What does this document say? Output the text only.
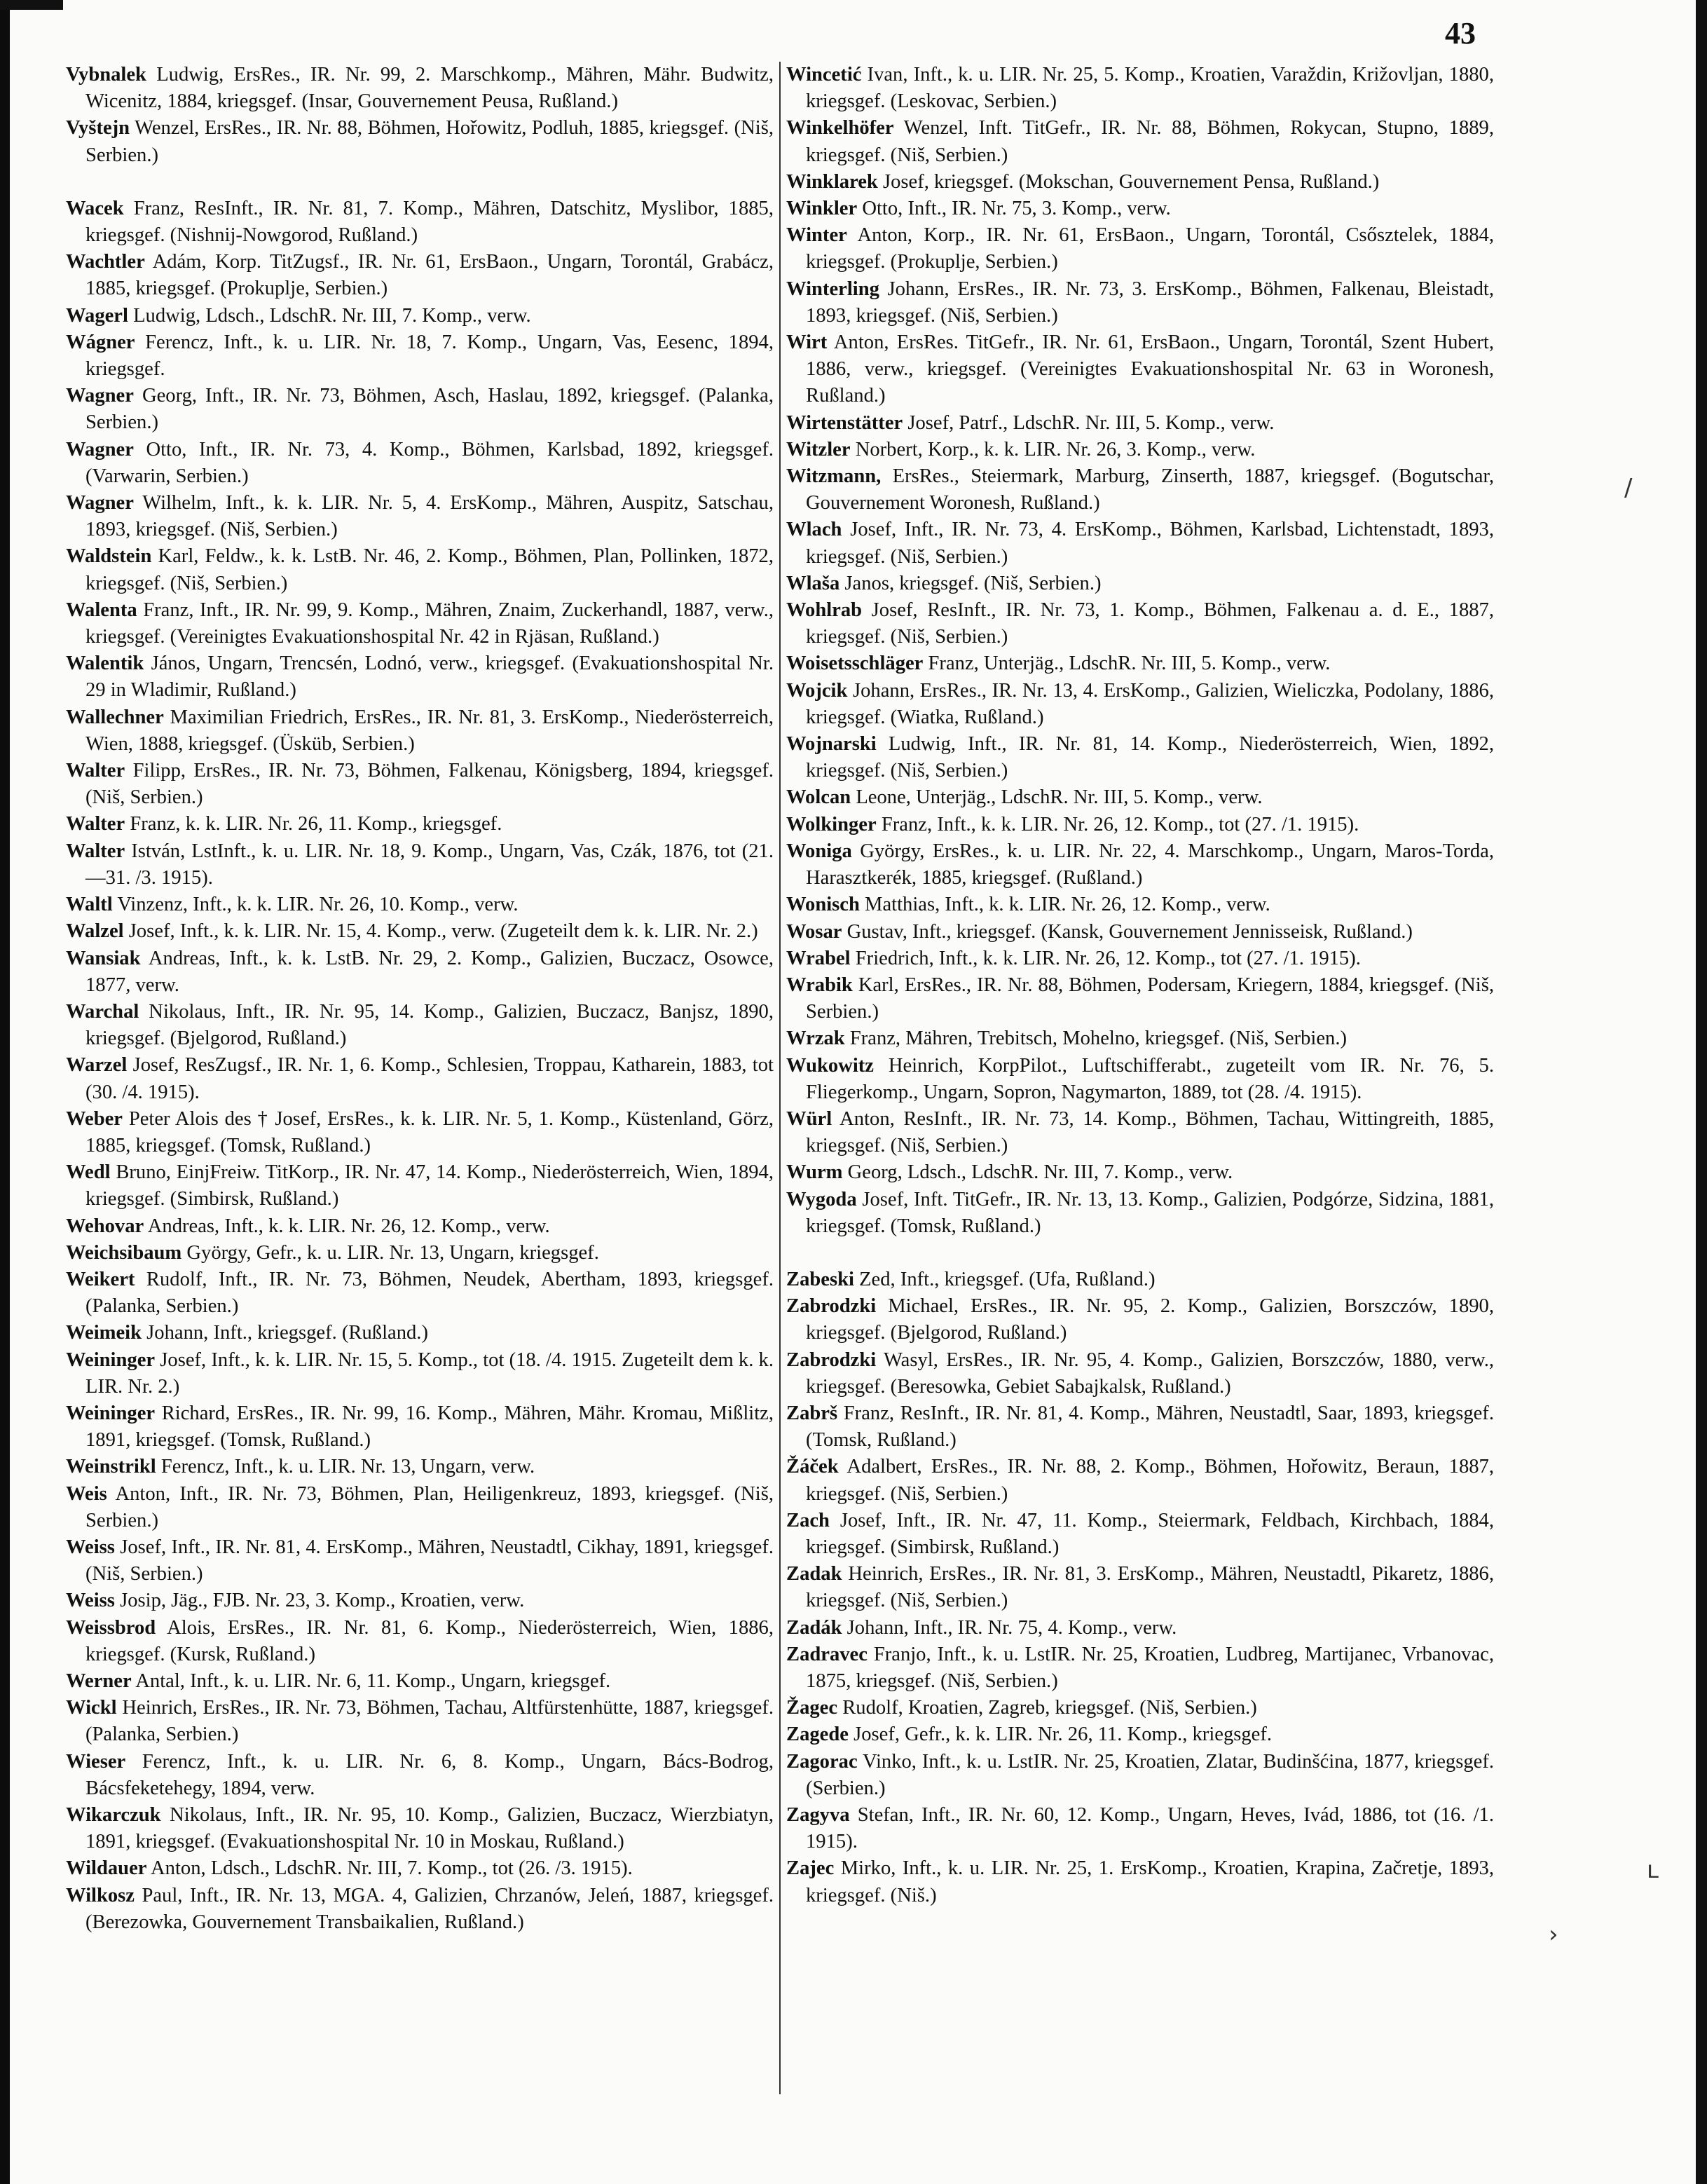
43

Vybnalek Ludwig, ErsRes., IR. Nr. 99, 2. Marschkomp., Mähren, Mähr. Budwitz, Wicenitz, 1884, kriegsgef. (Insar, Gouvernement Peusa, Rußland.)

Vyštejn Wenzel, ErsRes., IR. Nr. 88, Böhmen, Hořowitz, Podluh, 1885, kriegsgef. (Niš, Serbien.)

Wacek Franz, ResInft., IR. Nr. 81, 7. Komp., Mähren, Datschitz, Myslibor, 1885, kriegsgef. (Nishnij-Nowgorod, Rußland.)

Wachtler Adám, Korp. TitZugsf., IR. Nr. 61, ErsBaon., Ungarn, Torontál, Grabácz, 1885, kriegsgef. (Prokuplje, Serbien.)

Wagerl Ludwig, Ldsch., LdschR. Nr. III, 7. Komp., verw.

Wágner Ferencz, Inft., k. u. LIR. Nr. 18, 7. Komp., Ungarn, Vas, Eesenc, 1894, kriegsgef.

Wagner Georg, Inft., IR. Nr. 73, Böhmen, Asch, Haslau, 1892, kriegsgef. (Palanka, Serbien.)

Wagner Otto, Inft., IR. Nr. 73, 4. Komp., Böhmen, Karlsbad, 1892, kriegsgef. (Varwarin, Serbien.)

Wagner Wilhelm, Inft., k. k. LIR. Nr. 5, 4. ErsKomp., Mähren, Auspitz, Satschau, 1893, kriegsgef. (Niš, Serbien.)

Waldstein Karl, Feldw., k. k. LstB. Nr. 46, 2. Komp., Böhmen, Plan, Pollinken, 1872, kriegsgef. (Niš, Serbien.)

Walenta Franz, Inft., IR. Nr. 99, 9. Komp., Mähren, Znaim, Zuckerhandl, 1887, verw., kriegsgef. (Vereinigtes Evakuationshospital Nr. 42 in Rjäsan, Rußland.)

Walentik János, Ungarn, Trencsén, Lodnó, verw., kriegsgef. (Evakuationshospital Nr. 29 in Wladimir, Rußland.)

Wallechner Maximilian Friedrich, ErsRes., IR. Nr. 81, 3. ErsKomp., Niederösterreich, Wien, 1888, kriegsgef. (Üsküb, Serbien.)

Walter Filipp, ErsRes., IR. Nr. 73, Böhmen, Falkenau, Königsberg, 1894, kriegsgef. (Niš, Serbien.)

Walter Franz, k. k. LIR. Nr. 26, 11. Komp., kriegsgef.

Walter István, LstInft., k. u. LIR. Nr. 18, 9. Komp., Ungarn, Vas, Czák, 1876, tot (21.—31. /3. 1915).

Waltl Vinzenz, Inft., k. k. LIR. Nr. 26, 10. Komp., verw.

Walzel Josef, Inft., k. k. LIR. Nr. 15, 4. Komp., verw. (Zugeteilt dem k. k. LIR. Nr. 2.)

Wansiak Andreas, Inft., k. k. LstB. Nr. 29, 2. Komp., Galizien, Buczacz, Osowce, 1877, verw.

Warchal Nikolaus, Inft., IR. Nr. 95, 14. Komp., Galizien, Buczacz, Banjsz, 1890, kriegsgef. (Bjelgorod, Rußland.)

Warzel Josef, ResZugsf., IR. Nr. 1, 6. Komp., Schlesien, Troppau, Katharein, 1883, tot (30. /4. 1915).

Weber Peter Alois des † Josef, ErsRes., k. k. LIR. Nr. 5, 1. Komp., Küstenland, Görz, 1885, kriegsgef. (Tomsk, Rußland.)

Wedl Bruno, EinjFreiw. TitKorp., IR. Nr. 47, 14. Komp., Niederösterreich, Wien, 1894, kriegsgef. (Simbirsk, Rußland.)

Wehovar Andreas, Inft., k. k. LIR. Nr. 26, 12. Komp., verw.

Weichsibaum György, Gefr., k. u. LIR. Nr. 13, Ungarn, kriegsgef.

Weikert Rudolf, Inft., IR. Nr. 73, Böhmen, Neudek, Abertham, 1893, kriegsgef. (Palanka, Serbien.)

Weimeik Johann, Inft., kriegsgef. (Rußland.)

Weininger Josef, Inft., k. k. LIR. Nr. 15, 5. Komp., tot (18. /4. 1915. Zugeteilt dem k. k. LIR. Nr. 2.)

Weininger Richard, ErsRes., IR. Nr. 99, 16. Komp., Mähren, Mähr. Kromau, Mißlitz, 1891, kriegsgef. (Tomsk, Rußland.)

Weinstrikl Ferencz, Inft., k. u. LIR. Nr. 13, Ungarn, verw.

Weis Anton, Inft., IR. Nr. 73, Böhmen, Plan, Heiligenkreuz, 1893, kriegsgef. (Niš, Serbien.)

Weiss Josef, Inft., IR. Nr. 81, 4. ErsKomp., Mähren, Neustadtl, Cikhay, 1891, kriegsgef. (Niš, Serbien.)

Weiss Josip, Jäg., FJB. Nr. 23, 3. Komp., Kroatien, verw.

Weissbrod Alois, ErsRes., IR. Nr. 81, 6. Komp., Niederösterreich, Wien, 1886, kriegsgef. (Kursk, Rußland.)

Werner Antal, Inft., k. u. LIR. Nr. 6, 11. Komp., Ungarn, kriegsgef.

Wickl Heinrich, ErsRes., IR. Nr. 73, Böhmen, Tachau, Altfürstenhütte, 1887, kriegsgef. (Palanka, Serbien.)

Wieser Ferencz, Inft., k. u. LIR. Nr. 6, 8. Komp., Ungarn, Bács-Bodrog, Bácsfeketehegy, 1894, verw.

Wikarczuk Nikolaus, Inft., IR. Nr. 95, 10. Komp., Galizien, Buczacz, Wierzbiatyn, 1891, kriegsgef. (Evakuationshospital Nr. 10 in Moskau, Rußland.)

Wildauer Anton, Ldsch., LdschR. Nr. III, 7. Komp., tot (26. /3. 1915).

Wilkosz Paul, Inft., IR. Nr. 13, MGA. 4, Galizien, Chrzanów, Jeleń, 1887, kriegsgef. (Berezowka, Gouvernement Transbaikalien, Rußland.)

Wincetić Ivan, Inft., k. u. LIR. Nr. 25, 5. Komp., Kroatien, Varaždin, Križovljan, 1880, kriegsgef. (Leskovac, Serbien.)

Winkelhöfer Wenzel, Inft. TitGefr., IR. Nr. 88, Böhmen, Rokycan, Stupno, 1889, kriegsgef. (Niš, Serbien.)

Winklarek Josef, kriegsgef. (Mokschan, Gouvernement Pensa, Rußland.)

Winkler Otto, Inft., IR. Nr. 75, 3. Komp., verw.

Winter Anton, Korp., IR. Nr. 61, ErsBaon., Ungarn, Torontál, Csősztelek, 1884, kriegsgef. (Prokuplje, Serbien.)

Winterling Johann, ErsRes., IR. Nr. 73, 3. ErsKomp., Böhmen, Falkenau, Bleistadt, 1893, kriegsgef. (Niš, Serbien.)

Wirt Anton, ErsRes. TitGefr., IR. Nr. 61, ErsBaon., Ungarn, Torontál, Szent Hubert, 1886, verw., kriegsgef. (Vereinigtes Evakuationshospital Nr. 63 in Woronesh, Rußland.)

Wirtenstätter Josef, Patrf., LdschR. Nr. III, 5. Komp., verw.

Witzler Norbert, Korp., k. k. LIR. Nr. 26, 3. Komp., verw.

Witzmann, ErsRes., Steiermark, Marburg, Zinserth, 1887, kriegsgef. (Bogutschar, Gouvernement Woronesh, Rußland.)

Wlach Josef, Inft., IR. Nr. 73, 4. ErsKomp., Böhmen, Karlsbad, Lichtenstadt, 1893, kriegsgef. (Niš, Serbien.)

Wlaša Janos, kriegsgef. (Niš, Serbien.)

Wohlrab Josef, ResInft., IR. Nr. 73, 1. Komp., Böhmen, Falkenau a. d. E., 1887, kriegsgef. (Niš, Serbien.)

Woisetsschläger Franz, Unterjäg., LdschR. Nr. III, 5. Komp., verw.

Wojcik Johann, ErsRes., IR. Nr. 13, 4. ErsKomp., Galizien, Wieliczka, Podolany, 1886, kriegsgef. (Wiatka, Rußland.)

Wojnarski Ludwig, Inft., IR. Nr. 81, 14. Komp., Niederösterreich, Wien, 1892, kriegsgef. (Niš, Serbien.)

Wolcan Leone, Unterjäg., LdschR. Nr. III, 5. Komp., verw.

Wolkinger Franz, Inft., k. k. LIR. Nr. 26, 12. Komp., tot (27. /1. 1915).

Woniga György, ErsRes., k. u. LIR. Nr. 22, 4. Marschkomp., Ungarn, Maros-Torda, Harasztkerék, 1885, kriegsgef. (Rußland.)

Wonisch Matthias, Inft., k. k. LIR. Nr. 26, 12. Komp., verw.

Wosar Gustav, Inft., kriegsgef. (Kansk, Gouvernement Jennisseisk, Rußland.)

Wrabel Friedrich, Inft., k. k. LIR. Nr. 26, 12. Komp., tot (27. /1. 1915).

Wrabik Karl, ErsRes., IR. Nr. 88, Böhmen, Podersam, Kriegern, 1884, kriegsgef. (Niš, Serbien.)

Wrzak Franz, Mähren, Trebitsch, Mohelno, kriegsgef. (Niš, Serbien.)

Wukowitz Heinrich, KorpPilot., Luftschifferabt., zugeteilt vom IR. Nr. 76, 5. Fliegerkomp., Ungarn, Sopron, Nagymarton, 1889, tot (28. /4. 1915).

Würl Anton, ResInft., IR. Nr. 73, 14. Komp., Böhmen, Tachau, Wittingreith, 1885, kriegsgef. (Niš, Serbien.)

Wurm Georg, Ldsch., LdschR. Nr. III, 7. Komp., verw.

Wygoda Josef, Inft. TitGefr., IR. Nr. 13, 13. Komp., Galizien, Podgórze, Sidzina, 1881, kriegsgef. (Tomsk, Rußland.)

Zabeski Zed, Inft., kriegsgef. (Ufa, Rußland.)

Zabrodzki Michael, ErsRes., IR. Nr. 95, 2. Komp., Galizien, Borszczów, 1890, kriegsgef. (Bjelgorod, Rußland.)

Zabrodzki Wasyl, ErsRes., IR. Nr. 95, 4. Komp., Galizien, Borszczów, 1880, verw., kriegsgef. (Beresowka, Gebiet Sabajkalsk, Rußland.)

Zabrš Franz, ResInft., IR. Nr. 81, 4. Komp., Mähren, Neustadtl, Saar, 1893, kriegsgef. (Tomsk, Rußland.)

Žáček Adalbert, ErsRes., IR. Nr. 88, 2. Komp., Böhmen, Hořowitz, Beraun, 1887, kriegsgef. (Niš, Serbien.)

Zach Josef, Inft., IR. Nr. 47, 11. Komp., Steiermark, Feldbach, Kirchbach, 1884, kriegsgef. (Simbirsk, Rußland.)

Zadak Heinrich, ErsRes., IR. Nr. 81, 3. ErsKomp., Mähren, Neustadtl, Pikaretz, 1886, kriegsgef. (Niš, Serbien.)

Zadák Johann, Inft., IR. Nr. 75, 4. Komp., verw.

Zadravec Franjo, Inft., k. u. LstIR. Nr. 25, Kroatien, Ludbreg, Martijanec, Vrbanovac, 1875, kriegsgef. (Niš, Serbien.)

Žagec Rudolf, Kroatien, Zagreb, kriegsgef. (Niš, Serbien.)

Zagede Josef, Gefr., k. k. LIR. Nr. 26, 11. Komp., kriegsgef.

Zagorac Vinko, Inft., k. u. LstIR. Nr. 25, Kroatien, Zlatar, Budinšćina, 1877, kriegsgef. (Serbien.)

Zagyva Stefan, Inft., IR. Nr. 60, 12. Komp., Ungarn, Heves, Ivád, 1886, tot (16. /1. 1915).

Zajec Mirko, Inft., k. u. LIR. Nr. 25, 1. ErsKomp., Kroatien, Krapina, Začretje, 1893, kriegsgef. (Niš.)

/
ʟ
›
